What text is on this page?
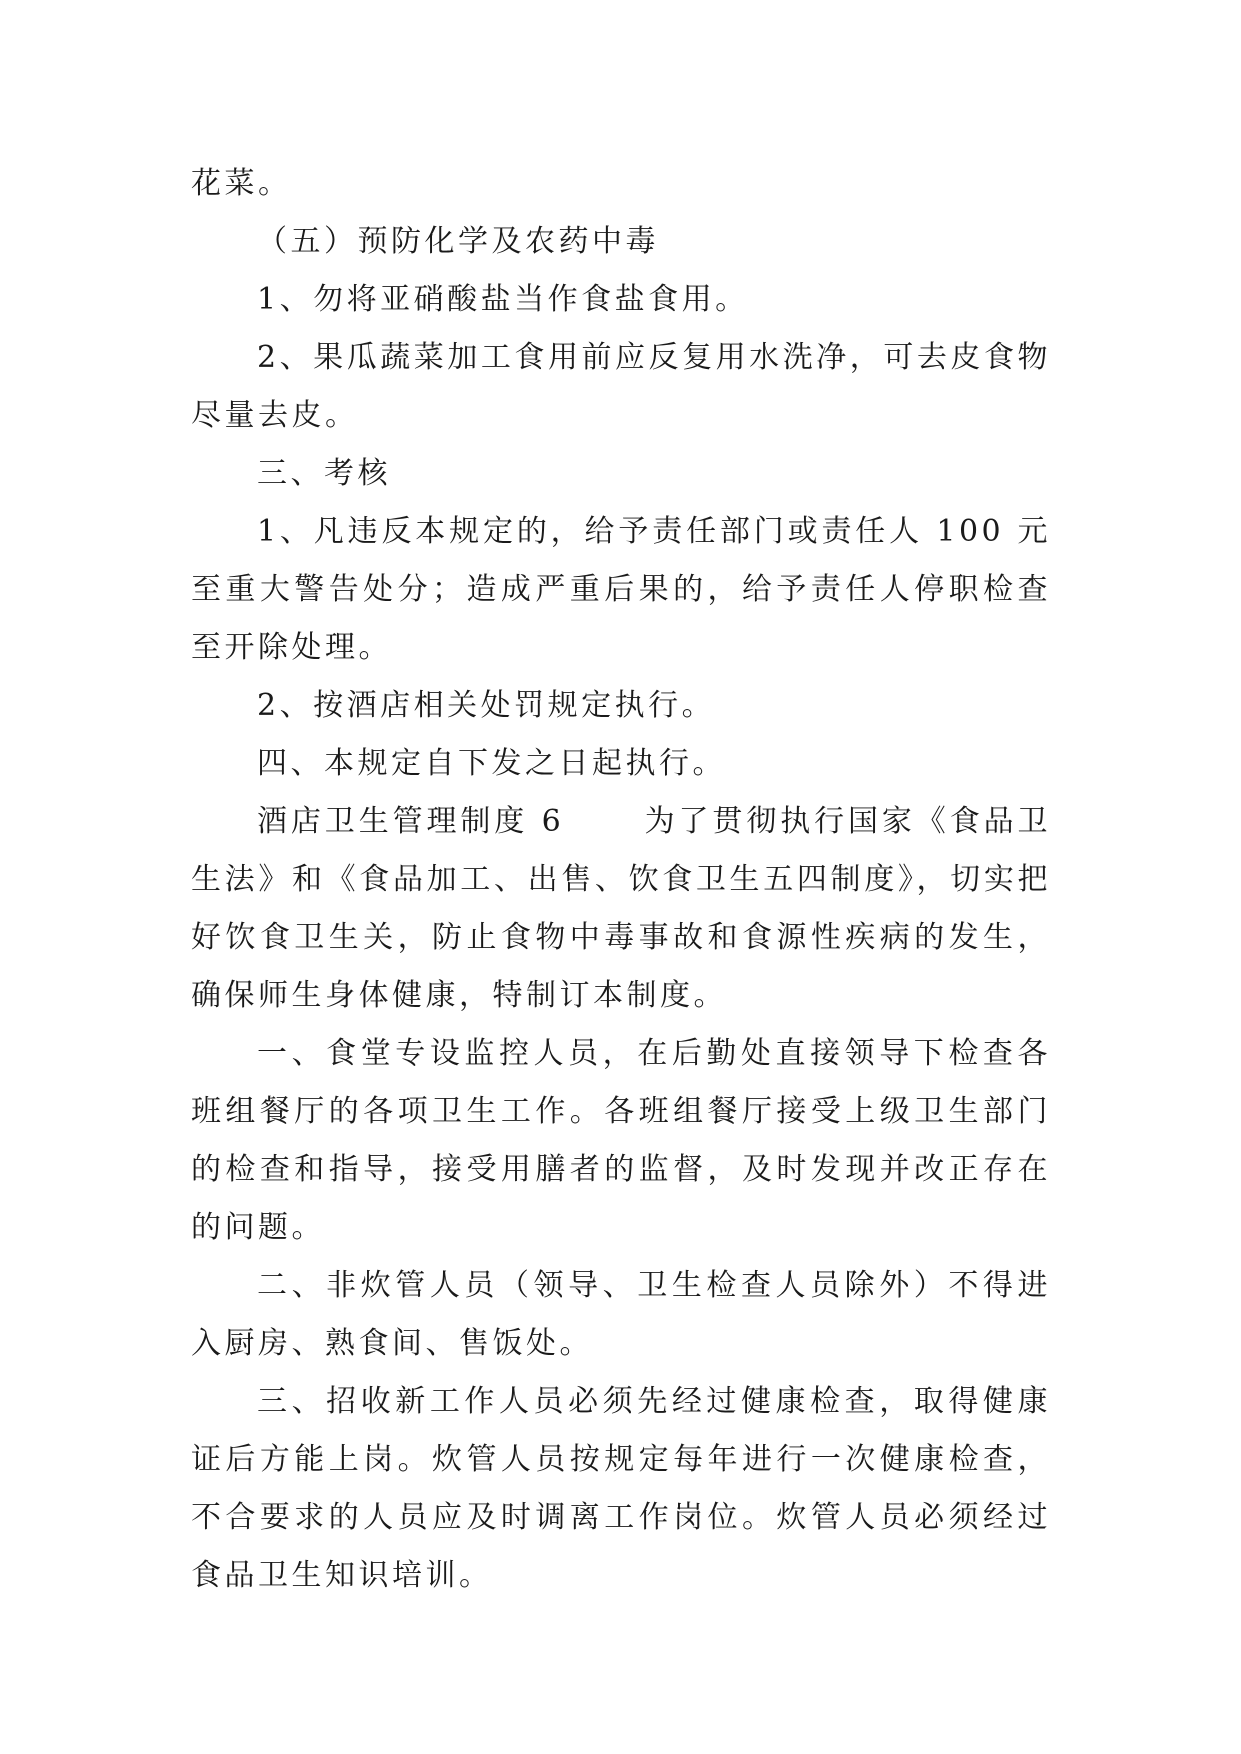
花菜。

（五）预防化学及农药中毒

1、勿将亚硝酸盐当作食盐食用。

2、果瓜蔬菜加工食用前应反复用水洗净，可去皮食物尽量去皮。

三、考核

1、凡违反本规定的，给予责任部门或责任人 100 元至重大警告处分；造成严重后果的，给予责任人停职检查至开除处理。

2、按酒店相关处罚规定执行。

四、本规定自下发之日起执行。

酒店卫生管理制度 6	为了贯彻执行国家《食品卫生法》和《食品加工、出售、饮食卫生五四制度》，切实把好饮食卫生关，防止食物中毒事故和食源性疾病的发生，确保师生身体健康，特制订本制度。

一、食堂专设监控人员，在后勤处直接领导下检查各班组餐厅的各项卫生工作。各班组餐厅接受上级卫生部门的检查和指导，接受用膳者的监督，及时发现并改正存在的问题。

二、非炊管人员（领导、卫生检查人员除外）不得进入厨房、熟食间、售饭处。

三、招收新工作人员必须先经过健康检查，取得健康证后方能上岗。炊管人员按规定每年进行一次健康检查，不合要求的人员应及时调离工作岗位。炊管人员必须经过食品卫生知识培训。
